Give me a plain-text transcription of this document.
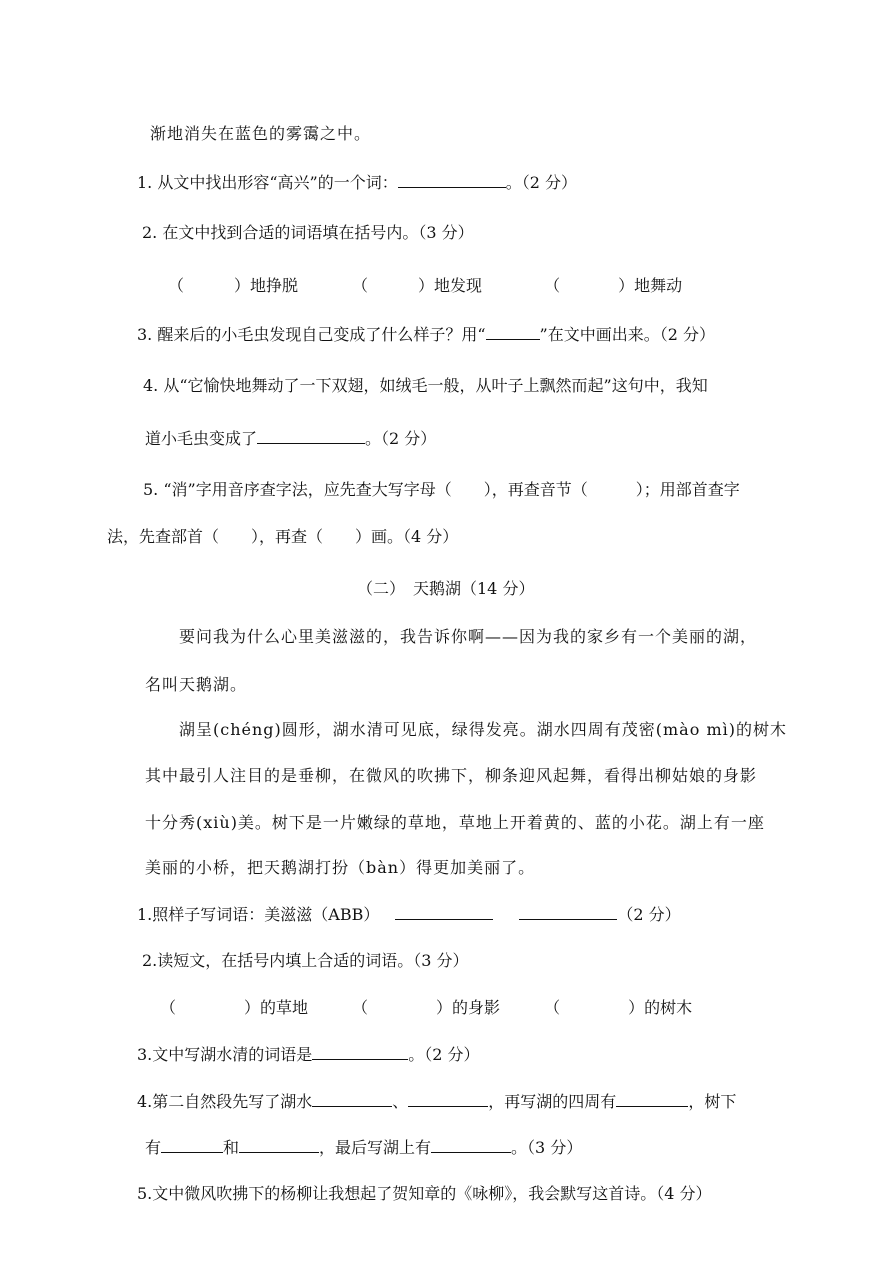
渐地消失在蓝色的雾霭之中。
1. 从文中找出形容“高兴”的一个词：	。（2 分）
2. 在文中找到合适的词语填在括号内。（3 分）
（	）地挣脱	（	）地发现	（	）地舞动
3. 醒来后的小毛虫发现自己变成了什么样子？用“	”在文中画出来。（2 分）
4. 从“它愉快地舞动了一下双翅，如绒毛一般，从叶子上飘然而起”这句中，我知
道小毛虫变成了	。（2 分）
5. “消”字用音序查字法，应先查大写字母（　　），再查音节（　　　）；用部首查字
法，先查部首（　　），再查（　　）画。（4 分）
（二）　天鹅湖（14 分）
要问我为什么心里美滋滋的，我告诉你啊——因为我的家乡有一个美丽的湖，
名叫天鹅湖。
湖呈(chéng)圆形，湖水清可见底，绿得发亮。湖水四周有茂密(mào mì)的树木
其中最引人注目的是垂柳，在微风的吹拂下，柳条迎风起舞，看得出柳姑娘的身影
十分秀(xiù)美。树下是一片嫩绿的草地，草地上开着黄的、蓝的小花。湖上有一座
美丽的小桥，把天鹅湖打扮（bàn）得更加美丽了。
1.照样子写词语：美滋滋（ABB）	（2 分）
2.读短文，在括号内填上合适的词语。（3 分）
（	）的草地	（	）的身影	（	）的树木
3.文中写湖水清的词语是	。（2 分）
4.第二自然段先写了湖水	、	，再写湖的四周有	，树下
有	和	，最后写湖上有	。（3 分）
5.文中微风吹拂下的杨柳让我想起了贺知章的《咏柳》，我会默写这首诗。（4 分）
